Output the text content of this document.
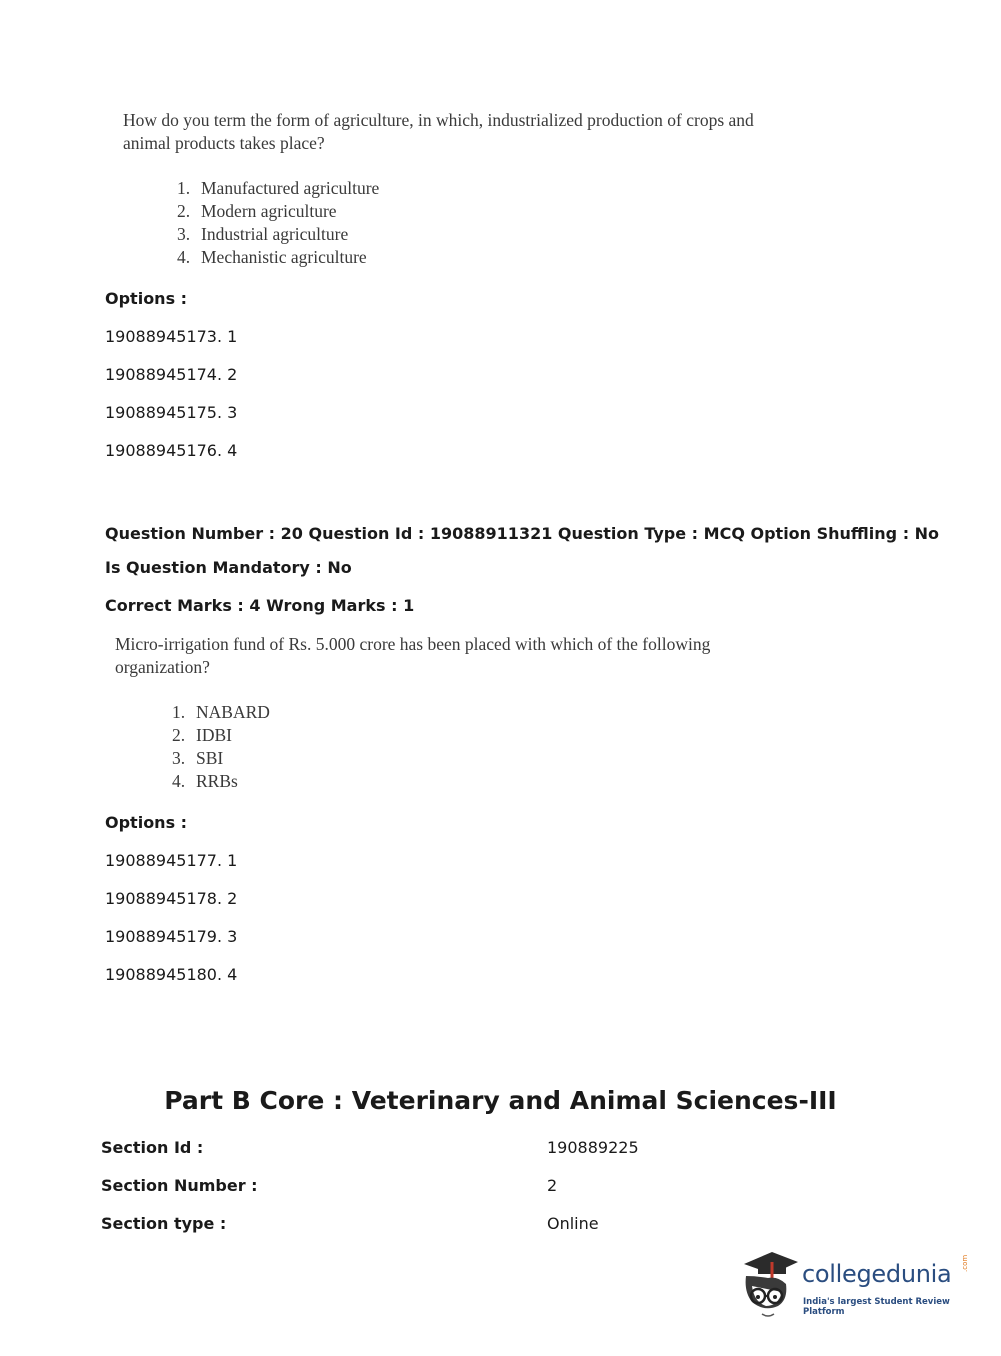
How do you term the form of agriculture, in which, industrialized production of crops and
animal products takes place?
1. Manufactured agriculture
2. Modern agriculture
3. Industrial agriculture
4. Mechanistic agriculture
Options :
19088945173. 1
19088945174. 2
19088945175. 3
19088945176. 4
Question Number : 20 Question Id : 19088911321 Question Type : MCQ Option Shuffling : No
Is Question Mandatory : No
Correct Marks : 4 Wrong Marks : 1
Micro-irrigation fund of Rs. 5.000 crore has been placed with which of the following
organization?
1. NABARD
2. IDBI
3. SBI
4. RRBs
Options :
19088945177. 1
19088945178. 2
19088945179. 3
19088945180. 4
Part B Core : Veterinary and Animal Sciences-III
Section Id :	190889225
Section Number :	2
Section type :	Online
collegedunia .com
India's largest Student Review Platform
